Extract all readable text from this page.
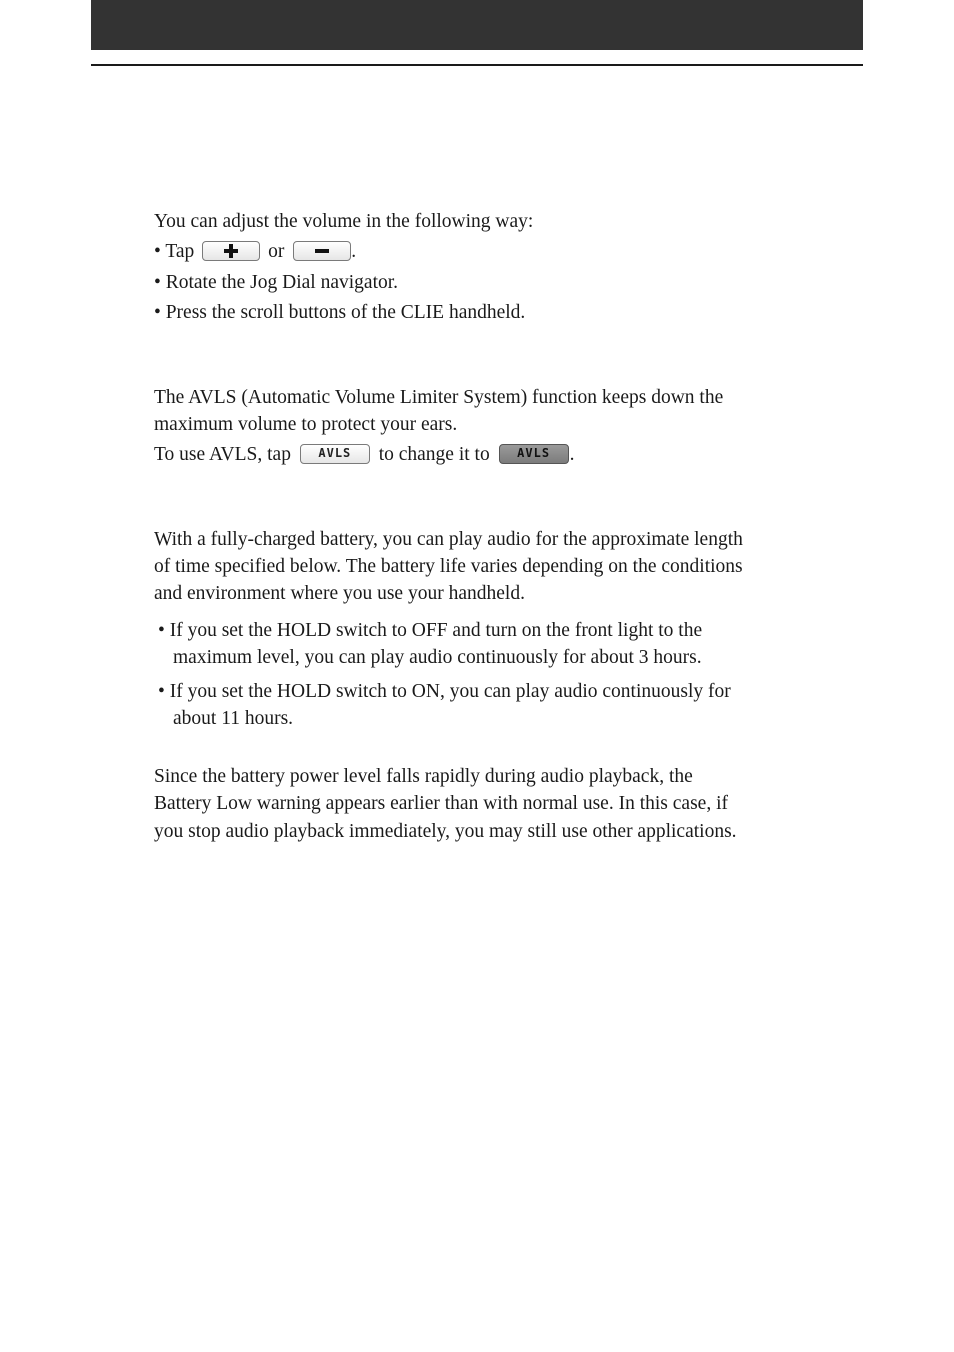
You can adjust the volume in the following way:
• Tap	or	.
• Rotate the Jog Dial navigator.
• Press the scroll buttons of the CLIE handheld.
The AVLS (Automatic Volume Limiter System) function keeps down the
maximum volume to protect your ears.
To use AVLS, tap AVLS to change it to AVLS .
With a fully-charged battery, you can play audio for the approximate length
of time specified below. The battery life varies depending on the conditions
and environment where you use your handheld.
• If you set the HOLD switch to OFF and turn on the front light to the
maximum level, you can play audio continuously for about 3 hours.
• If you set the HOLD switch to ON, you can play audio continuously for
about 11 hours.
Since the battery power level falls rapidly during audio playback, the
Battery Low warning appears earlier than with normal use. In this case, if
you stop audio playback immediately, you may still use other applications.
